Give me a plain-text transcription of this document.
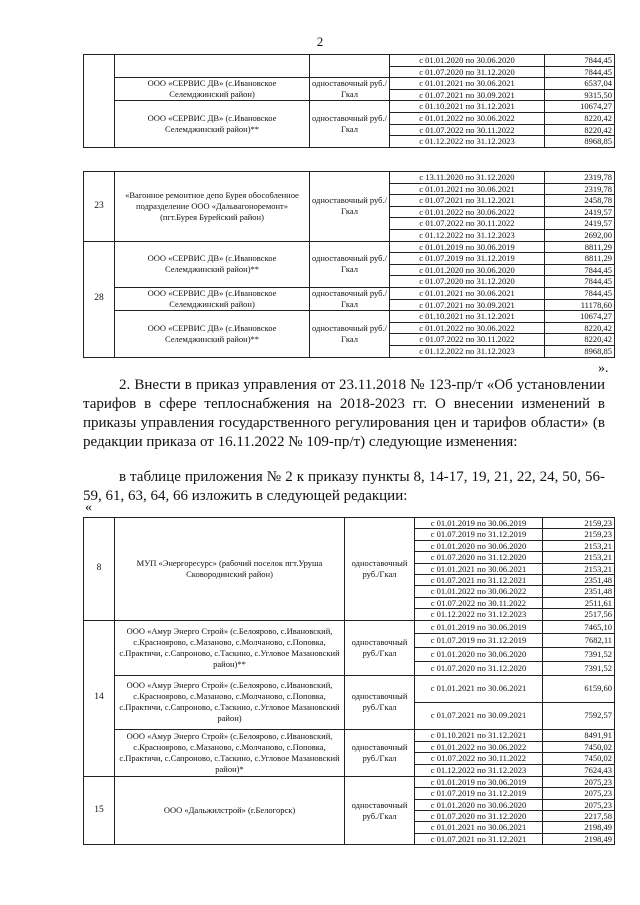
2
			с 01.01.2020 по 30.06.2020	7844,45
			с 01.07.2020 по 31.12.2020	7844,45
	ООО «СЕРВИС ДВ» (с.Ивановское Селемджинский район)	одноставочный руб./Гкал	с 01.01.2021 по 30.06.2021	6537,04
			с 01.07.2021 по 30.09.2021	9315,50
	ООО «СЕРВИС ДВ» (с.Ивановское Селемджинский район)**	одноставочный руб./Гкал	с 01.10.2021 по 31.12.2021	10674,27
			с 01.01.2022 по 30.06.2022	8220,42
			с 01.07.2022 по 30.11.2022	8220,42
			с 01.12.2022 по 31.12.2023	8968,85
23	«Вагонное ремонтное депо Бурея обособленное подразделение ООО «Дальвагоноремонт» (пгт.Бурея Бурейский район)	одноставочный руб./Гкал	с 13.11.2020 по 31.12.2020	2319,78
			с 01.01.2021 по 30.06.2021	2319,78
			с 01.07.2021 по 31.12.2021	2458,78
			с 01.01.2022 по 30.06.2022	2419,57
			с 01.07.2022 по 30.11.2022	2419,57
			с 01.12.2022 по 31.12.2023	2692,00
28	ООО «СЕРВИС ДВ» (с.Ивановское Селемджинский район)**	одноставочный руб./Гкал	с 01.01.2019 по 30.06.2019	8811,29
			с 01.07.2019 по 31.12.2019	8811,29
			с 01.01.2020 по 30.06.2020	7844,45
			с 01.07.2020 по 31.12.2020	7844,45
	ООО «СЕРВИС ДВ» (с.Ивановское Селемджинский район)	одноставочный руб./Гкал	с 01.01.2021 по 30.06.2021	7844,45
			с 01.07.2021 по 30.09.2021	11178,60
	ООО «СЕРВИС ДВ» (с.Ивановское Селемджинский район)**	одноставочный руб./Гкал	с 01.10.2021 по 31.12.2021	10674,27
			с 01.01.2022 по 30.06.2022	8220,42
			с 01.07.2022 по 30.11.2022	8220,42
			с 01.12.2022 по 31.12.2023	8968,85
».
2. Внести в приказ управления от 23.11.2018 № 123-пр/т «Об установлении тарифов в сфере теплоснабжения на 2018-2023 гг. О внесении изменений в приказы управления государственного регулирования цен и тарифов области» (в редакции приказа от 16.11.2022 № 109-пр/т) следующие изменения:
в таблице приложения № 2 к приказу пункты 8, 14-17, 19, 21, 22, 24, 50, 56-59, 61, 63, 64, 66 изложить в следующей редакции:
«
8	МУП «Энергоресурс» (рабочий поселок пгт.Уруша Сковородинский район)	одноставочный руб./Гкал	с 01.01.2019 по 30.06.2019	2159,23
			с 01.07.2019 по 31.12.2019	2159,23
			с 01.01.2020 по 30.06.2020	2153,21
			с 01.07.2020 по 31.12.2020	2153,21
			с 01.01.2021 по 30.06.2021	2153,21
			с 01.07.2021 по 31.12.2021	2351,48
			с 01.01.2022 по 30.06.2022	2351,48
			с 01.07.2022 по 30.11.2022	2511,61
			с 01.12.2022 по 31.12.2023	2517,56
14	ООО «Амур Энерго Строй» (с.Белоярово, с.Ивановский, с.Красноярово, с.Мазаново, с.Молчаново, с.Поповка, с.Практичи, с.Сапроново, с.Таскино, с.Угловое Мазановский район)**	одноставочный руб./Гкал	с 01.01.2019 по 30.06.2019	7465,10
			с 01.07.2019 по 31.12.2019	7682,11
			с 01.01.2020 по 30.06.2020	7391,52
			с 01.07.2020 по 31.12.2020	7391,52
	ООО «Амур Энерго Строй» (с.Белоярово, с.Ивановский, с.Красноярово, с.Мазаново, с.Молчаново, с.Поповка, с.Практичи, с.Сапроново, с.Таскино, с.Угловое Мазановский район)	одноставочный руб./Гкал	с 01.01.2021 по 30.06.2021	6159,60
			с 01.07.2021 по 30.09.2021	7592,57
	ООО «Амур Энерго Строй» (с.Белоярово, с.Ивановский, с.Красноярово, с.Мазаново, с.Молчаново, с.Поповка, с.Практичи, с.Сапроново, с.Таскино, с.Угловое Мазановский район)*	одноставочный руб./Гкал	с 01.10.2021 по 31.12.2021	8491,91
			с 01.01.2022 по 30.06.2022	7450,02
			с 01.07.2022 по 30.11.2022	7450,02
			с 01.12.2022 по 31.12.2023	7624,43
15	ООО «Дальжилстрой» (г.Белогорск)	одноставочный руб./Гкал	с 01.01.2019 по 30.06.2019	2075,23
			с 01.07.2019 по 31.12.2019	2075,23
			с 01.01.2020 по 30.06.2020	2075,23
			с 01.07.2020 по 31.12.2020	2217,58
			с 01.01.2021 по 30.06.2021	2198,49
			с 01.07.2021 по 31.12.2021	2198,49
